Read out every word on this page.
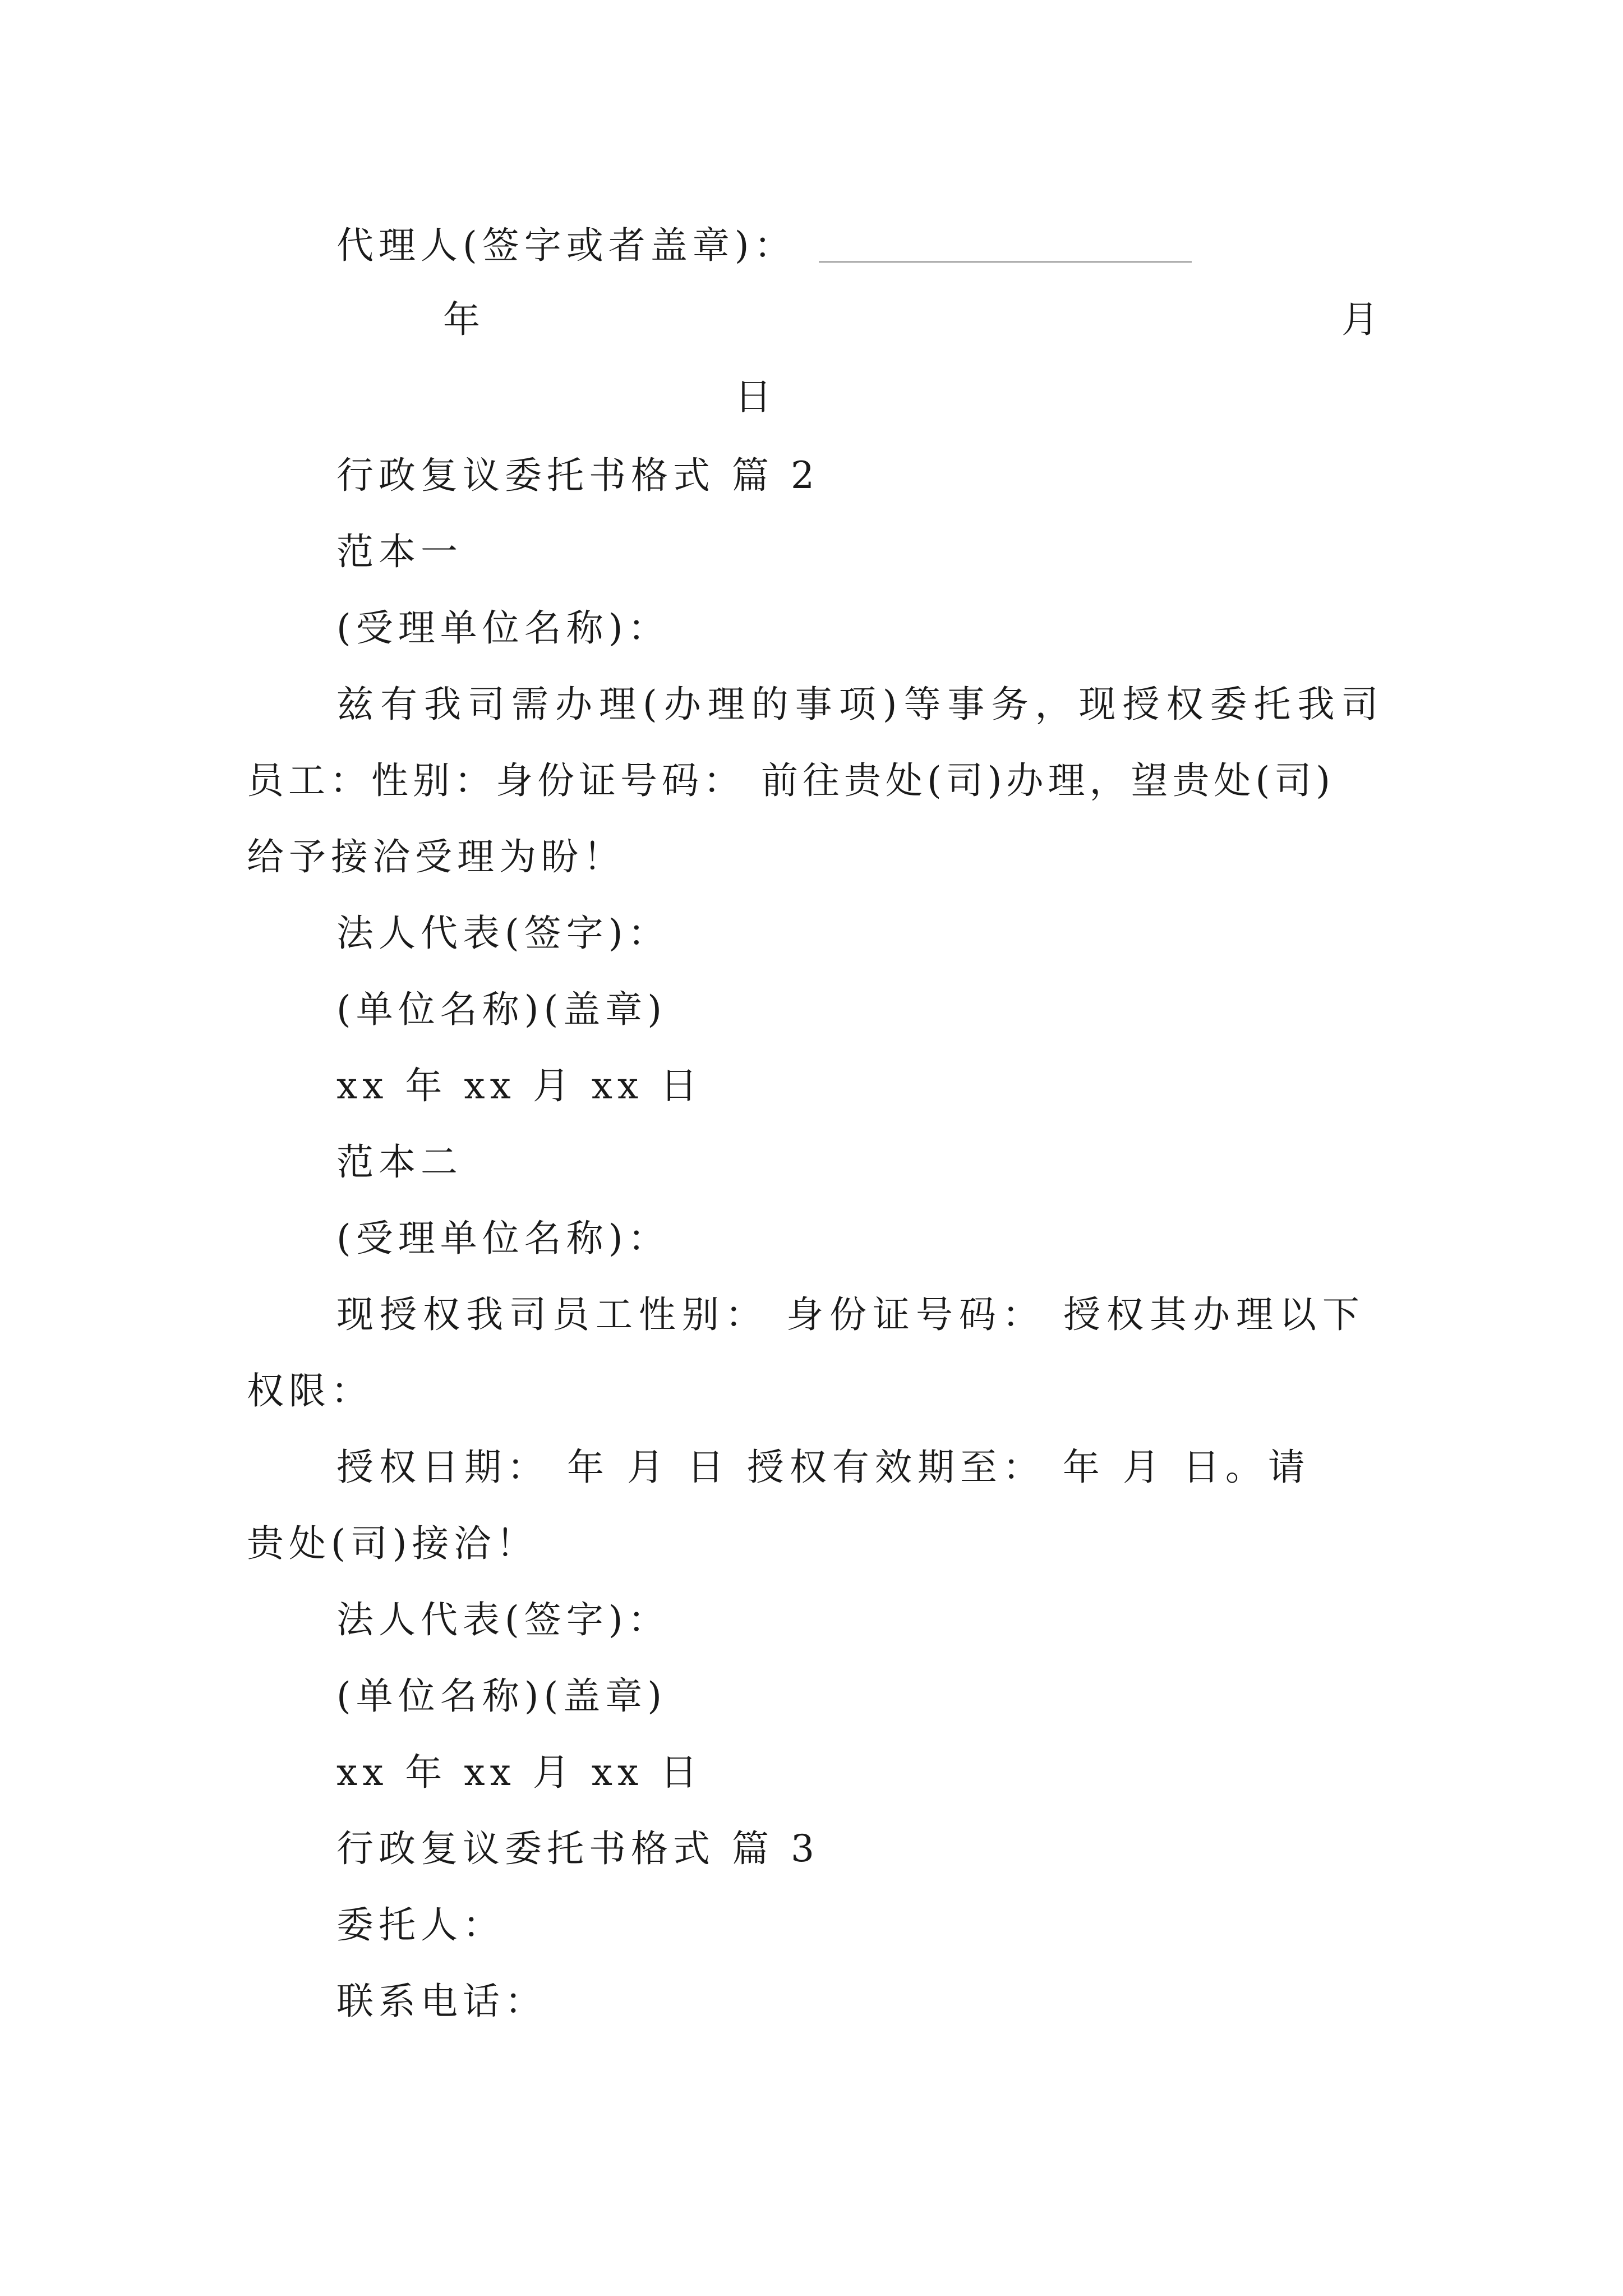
代理人(签字或者盖章)：
年	月
日
行政复议委托书格式 篇 2
范本一
(受理单位名称)：
兹有我司需办理(办理的事项)等事务，现授权委托我司
员工：性别：身份证号码： 前往贵处(司)办理，望贵处(司)
给予接洽受理为盼！
法人代表(签字)：
(单位名称)(盖章)
xx 年 xx 月 xx 日
范本二
(受理单位名称)：
现授权我司员工性别： 身份证号码： 授权其办理以下
权限：
授权日期： 年 月 日 授权有效期至： 年 月 日。请
贵处(司)接洽！
法人代表(签字)：
(单位名称)(盖章)
xx 年 xx 月 xx 日
行政复议委托书格式 篇 3
委托人：
联系电话：
